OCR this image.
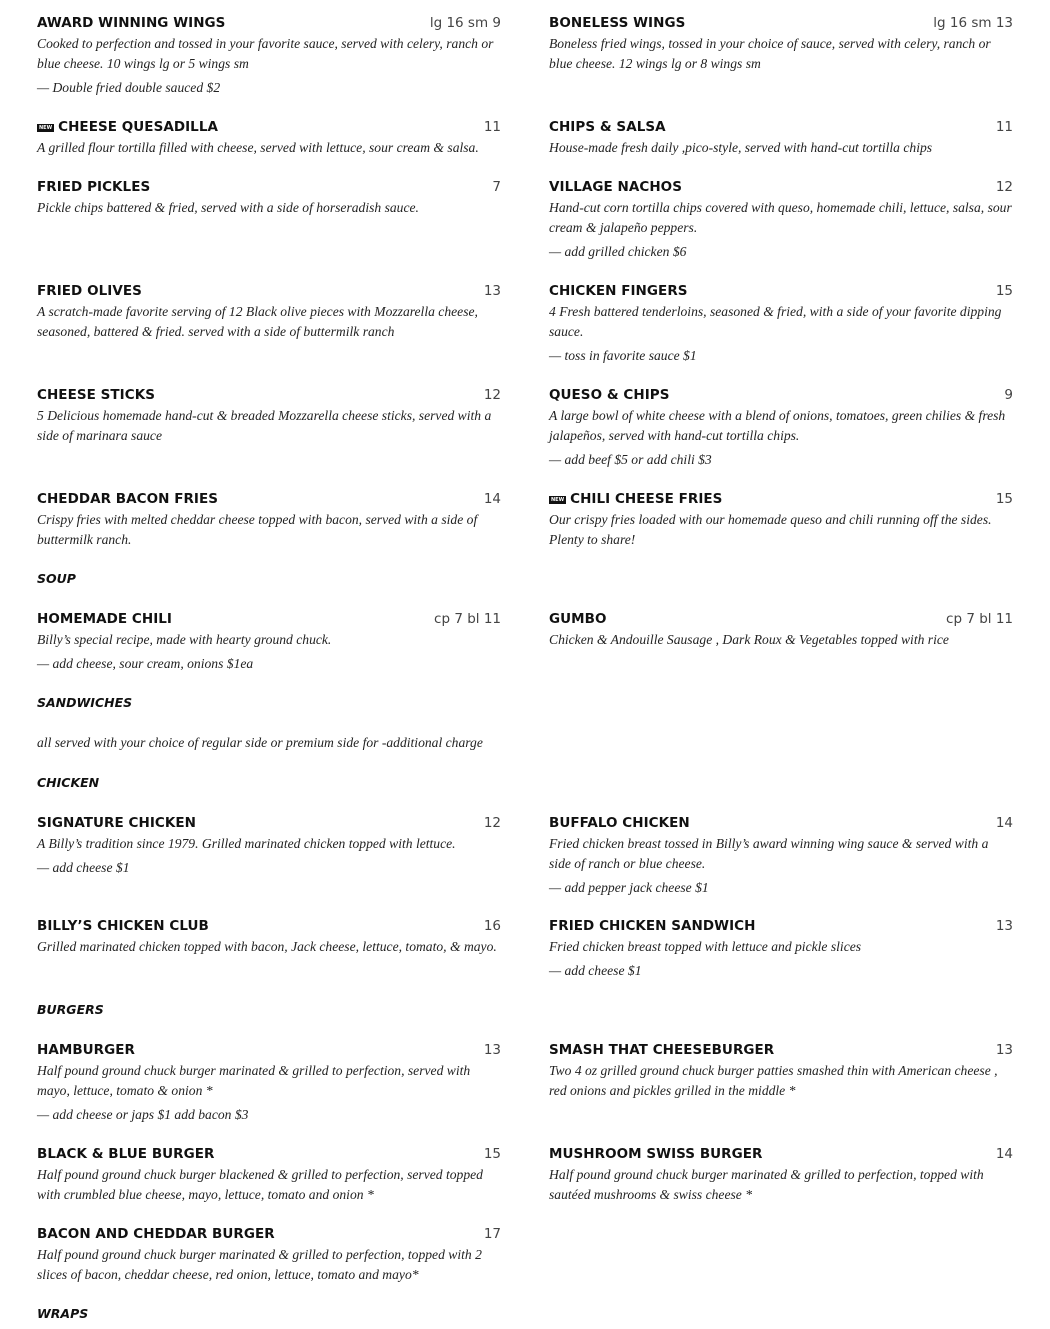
AWARD WINNING WINGS	lg 16 sm 9
Cooked to perfection and tossed in your favorite sauce, served with celery, ranch or blue cheese. 10 wings lg or 5 wings sm
— Double fried double sauced $2
BONELESS WINGS	lg 16 sm 13
Boneless fried wings, tossed in your choice of sauce, served with celery, ranch or blue cheese. 12 wings lg or 8 wings sm
NEW CHEESE QUESADILLA	11
A grilled flour tortilla filled with cheese, served with lettuce, sour cream & salsa.
CHIPS & SALSA	11
House-made fresh daily ,pico-style, served with hand-cut tortilla chips
FRIED PICKLES	7
Pickle chips battered & fried, served with a side of horseradish sauce.
VILLAGE NACHOS	12
Hand-cut corn tortilla chips covered with queso, homemade chili, lettuce, salsa, sour cream & jalapeño peppers.
— add grilled chicken $6
FRIED OLIVES	13
A scratch-made favorite serving of 12 Black olive pieces with Mozzarella cheese, seasoned, battered & fried. served with a side of buttermilk ranch
CHICKEN FINGERS	15
4 Fresh battered tenderloins, seasoned & fried, with a side of your favorite dipping sauce.
— toss in favorite sauce $1
CHEESE STICKS	12
5 Delicious homemade hand-cut & breaded Mozzarella cheese sticks, served with a side of marinara sauce
QUESO & CHIPS	9
A large bowl of white cheese with a blend of onions, tomatoes, green chilies & fresh jalapeños, served with hand-cut tortilla chips.
— add beef $5 or add chili $3
CHEDDAR BACON FRIES	14
Crispy fries with melted cheddar cheese topped with bacon, served with a side of buttermilk ranch.
NEW CHILI CHEESE FRIES	15
Our crispy fries loaded with our homemade queso and chili running off the sides. Plenty to share!
SOUP
HOMEMADE CHILI	cp 7 bl 11
Billy’s special recipe, made with hearty ground chuck.
— add cheese, sour cream, onions $1ea
GUMBO	cp 7 bl 11
Chicken & Andouille Sausage , Dark Roux & Vegetables topped with rice
SANDWICHES
all served with your choice of regular side or premium side for -additional charge
CHICKEN
SIGNATURE CHICKEN	12
A Billy’s tradition since 1979. Grilled marinated chicken topped with lettuce.
— add cheese $1
BUFFALO CHICKEN	14
Fried chicken breast tossed in Billy’s award winning wing sauce & served with a side of ranch or blue cheese.
— add pepper jack cheese $1
BILLY’S CHICKEN CLUB	16
Grilled marinated chicken topped with bacon, Jack cheese, lettuce, tomato, & mayo.
FRIED CHICKEN SANDWICH	13
Fried chicken breast topped with lettuce and pickle slices
— add cheese $1
BURGERS
HAMBURGER	13
Half pound ground chuck burger marinated & grilled to perfection, served with mayo, lettuce, tomato & onion *
— add cheese or japs $1 add bacon $3
SMASH THAT CHEESEBURGER	13
Two 4 oz grilled ground chuck burger patties smashed thin with American cheese , red onions and pickles grilled in the middle *
BLACK & BLUE BURGER	15
Half pound ground chuck burger blackened & grilled to perfection, served topped with crumbled blue cheese, mayo, lettuce, tomato and onion *
MUSHROOM SWISS BURGER	14
Half pound ground chuck burger marinated & grilled to perfection, topped with sautéed mushrooms & swiss cheese *
BACON AND CHEDDAR BURGER	17
Half pound ground chuck burger marinated & grilled to perfection, topped with 2 slices of bacon, cheddar cheese, red onion, lettuce, tomato and mayo*
WRAPS
